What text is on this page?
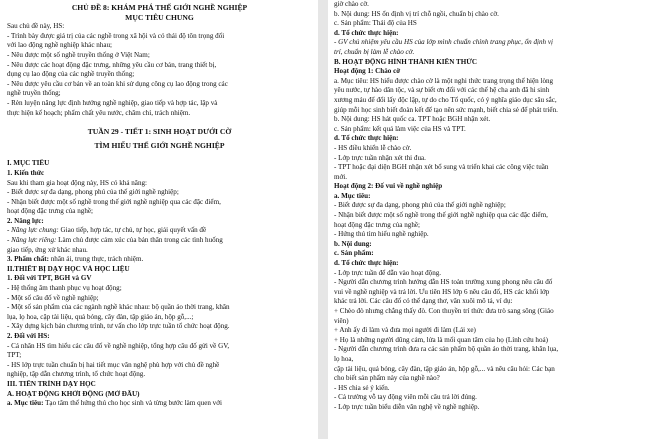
CHỦ ĐỀ 8: KHÁM PHÁ THẾ GIỚI NGHỀ NGHIỆP
MỤC TIÊU CHUNG
Sau chủ đề này, HS:
- Trình bày được giá trị của các nghề trong xã hội và có thái độ tôn trọng đối
với lao động nghề nghiệp khác nhau;
- Nêu được một số nghề truyền thống ở Việt Nam;
- Nêu được các hoạt động đặc trưng, những yêu cầu cơ bản, trang thiết bị,
dụng cụ lao động của các nghề truyền thống;
- Nêu được yêu cầu cơ bản về an toàn khi sử dụng công cụ lao động trong các
nghề truyền thống;
- Rèn luyện năng lực định hướng nghề nghiệp, giao tiếp và hợp tác, lập và
thực hiện kế hoạch; phẩm chất yêu nước, chăm chỉ, trách nhiệm.
TUẦN 29 - TIẾT 1: SINH HOẠT DƯỚI CỜ
TÌM HIỂU THẾ GIỚI NGHỀ NGHIỆP
I. MỤC TIÊU
1. Kiến thức
Sau khi tham gia hoạt động này, HS có khả năng:
- Biết được sự đa dạng, phong phú của thế giới nghề nghiệp;
- Nhận biết được một số nghề trong thế giới nghề nghiệp qua các đặc điểm,
hoạt động đặc trưng của nghề;
2. Năng lực:
- Năng lực chung: Giao tiếp, hợp tác, tự chủ, tự học, giải quyết vấn đề
- Năng lực riêng: Làm chủ được cảm xúc của bản thân trong các tình huống
giao tiếp, ứng xử khác nhau.
3. Phẩm chất: nhân ái, trung thực, trách nhiệm.
II.THIẾT BỊ DẠY HỌC VÀ HỌC LIỆU
1. Đối với TPT, BGH và GV
- Hệ thống âm thanh phục vụ hoạt động;
- Một số câu đố về nghề nghiệp;
- Một số sản phẩm của các ngành nghề khác nhau: bộ quần áo thời trang, khăn
lụa, lọ hoa, cặp tài liệu, quả bóng, cây đàn, tập giáo án, hộp gỗ,...;
- Xây dựng kịch bản chương trình, tư vấn cho lớp trực tuần tổ chức hoạt động.
2. Đối với HS:
- Cá nhân HS tìm hiểu các câu đố về nghề nghiệp, tổng hợp câu đố gửi về GV,
TPT;
- HS lớp trực tuần chuẩn bị hai tiết mục văn nghệ phù hợp với chủ đề nghề
nghiệp, tập dẫn chương trình, tổ chức hoạt động.
III. TIẾN TRÌNH DẠY HỌC
A. HOẠT ĐỘNG KHỞI ĐỘNG (MỞ ĐẦU)
a. Mục tiêu: Tạo tâm thế hứng thú cho học sinh và từng bước làm quen với
giờ chào cờ.
b. Nội dung: HS ổn định vị trí chỗ ngồi, chuẩn bị chào cờ.
c. Sản phẩm: Thái độ của HS
d. Tổ chức thực hiện:
- GV chủ nhiệm yêu cầu HS của lớp mình chuẩn chỉnh trang phục, ổn định vị
trí, chuẩn bị làm lễ chào cờ.
B. HOẠT ĐỘNG HÌNH THÀNH KIẾN THỨC
Hoạt động 1: Chào cờ
a. Mục tiêu: HS hiểu được chào cờ là một nghi thức trang trọng thể hiện lòng
yêu nước, tự hào dân tộc, và sự biết ơn đối với các thế hệ cha anh đã hi sinh
xương máu để đổi lấy độc lập, tự do cho Tổ quốc, có ý nghĩa giáo dục sâu sắc,
giúp mỗi học sinh biết đoàn kết để tạo nên sức mạnh, biết chia sẻ để phát triển.
b. Nội dung: HS hát quốc ca. TPT hoặc BGH nhận xét.
c. Sản phẩm: kết quả làm việc của HS và TPT.
d. Tổ chức thực hiện:
- HS điều khiển lễ chào cờ.
- Lớp trực tuần nhận xét thi đua.
- TPT hoặc đại diện BGH nhận xét bổ sung và triển khai các công việc tuần
mới.
Hoạt động 2: Đố vui về nghề nghiệp
a. Mục tiêu:
- Biết được sự đa dạng, phong phú của thế giới nghề nghiệp;
- Nhận biết được một số nghề trong thế giới nghề nghiệp qua các đặc điểm,
hoạt động đặc trưng của nghề;
- Hứng thú tìm hiểu nghề nghiệp.
b. Nội dung:
c. Sản phẩm:
d. Tổ chức thực hiện:
- Lớp trực tuần để dẫn vào hoạt động.
- Người dẫn chương trình hướng dẫn HS toàn trường xung phong nêu câu đố
vui về nghề nghiệp và trả lời. Ưu tiên HS lớp 6 nêu câu đố, HS các khối lớp
khác trả lời. Các câu đố có thể dạng thơ, văn xuôi mô tả, ví dụ:
+ Chèo đò nhưng chẳng thấy đò. Con thuyền trí thức đưa trò sang sông (Giáo
viên)
+ Anh ấy đi làm và đưa mọi người đi làm (Lái xe)
+ Họ là những người dũng cảm, lửa là mối quan tâm của họ (Lính cứu hoả)
- Người dẫn chương trình đưa ra các sản phẩm bộ quần áo thời trang, khăn lụa,
lọ hoa,
cặp tài liệu, quả bóng, cây đàn, tập giáo án, hộp gỗ,... và nêu câu hỏi: Các bạn
cho biết sản phẩm này của nghề nào?
- HS chia sẻ ý kiến.
- Cả trường vỗ tay động viên mỗi câu trả lời đúng.
- Lớp trực tuần biểu diễn văn nghệ về nghề nghiệp.
